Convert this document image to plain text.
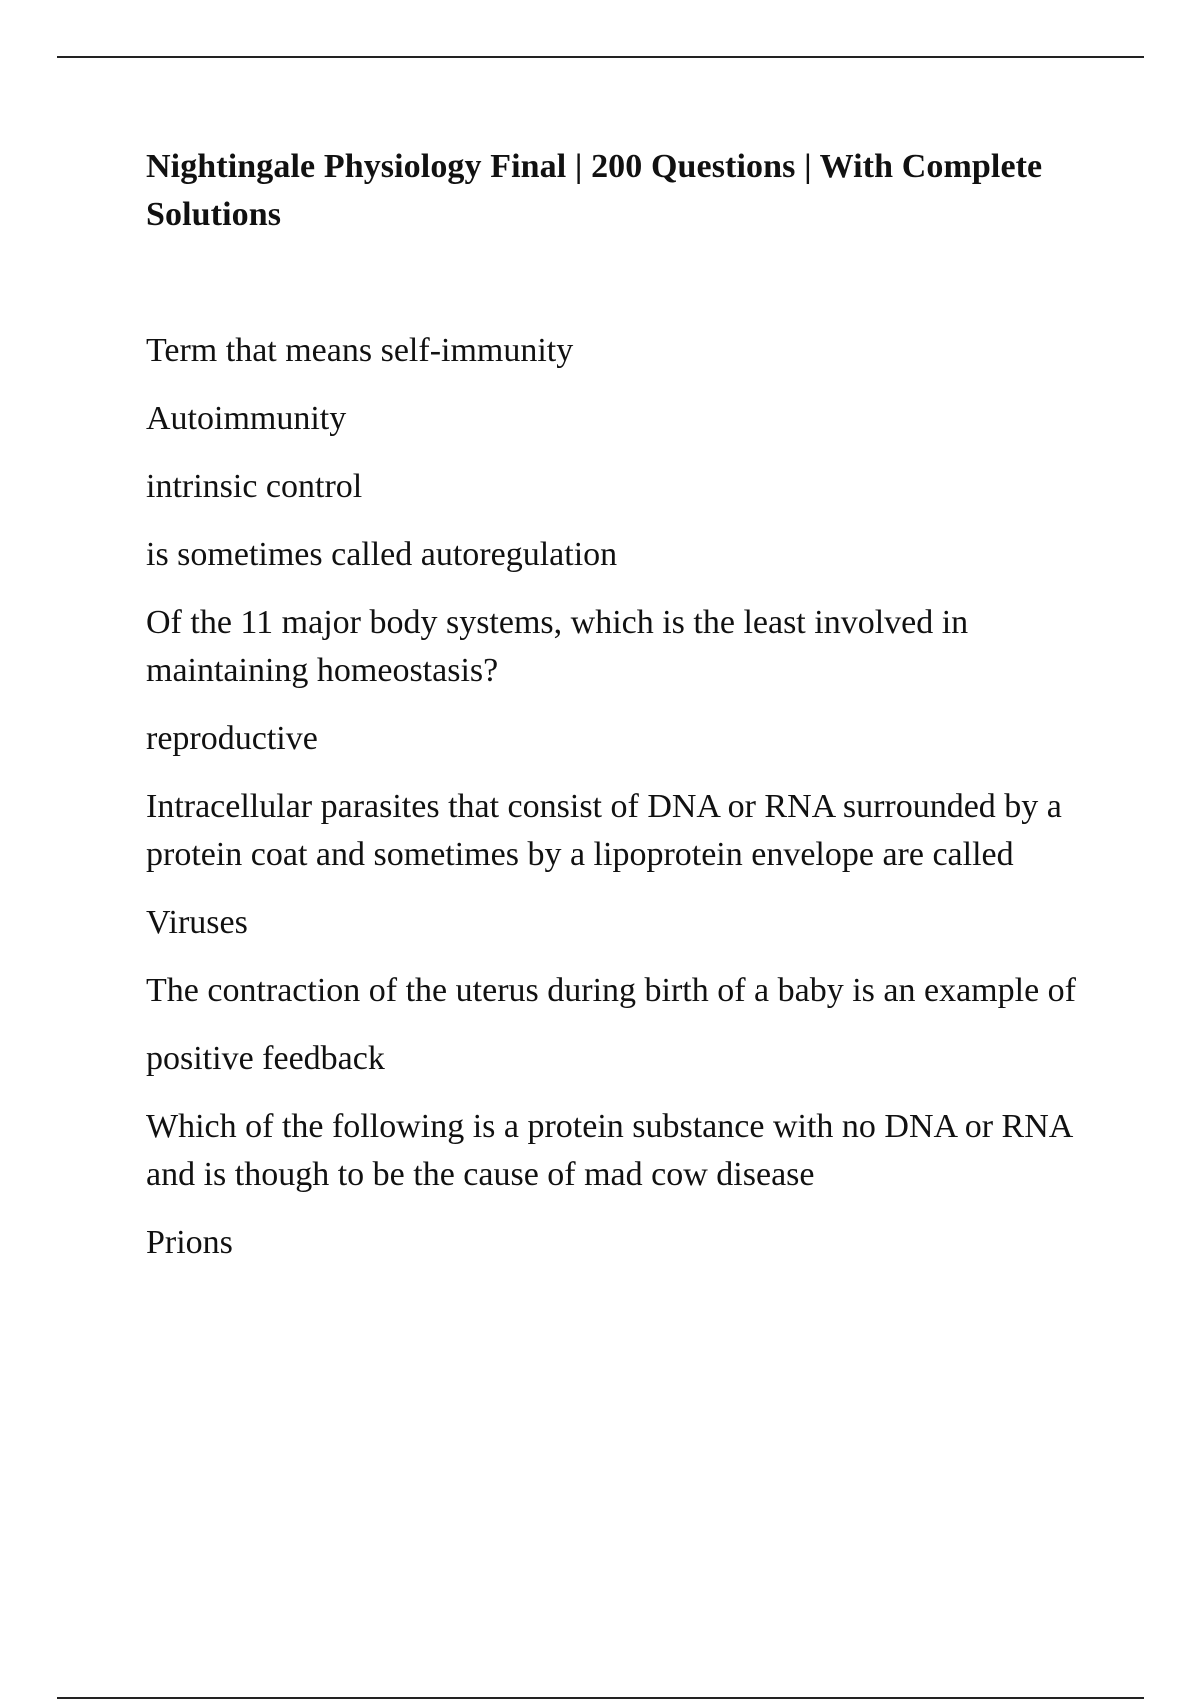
Nightingale Physiology Final | 200 Questions | With Complete Solutions

Term that means self-immunity

Autoimmunity

intrinsic control

is sometimes called autoregulation

Of the 11 major body systems, which is the least involved in maintaining homeostasis?

reproductive

Intracellular parasites that consist of DNA or RNA surrounded by a protein coat and sometimes by a lipoprotein envelope are called

Viruses

The contraction of the uterus during birth of a baby is an example of

positive feedback

Which of the following is a protein substance with no DNA or RNA and is though to be the cause of mad cow disease

Prions
